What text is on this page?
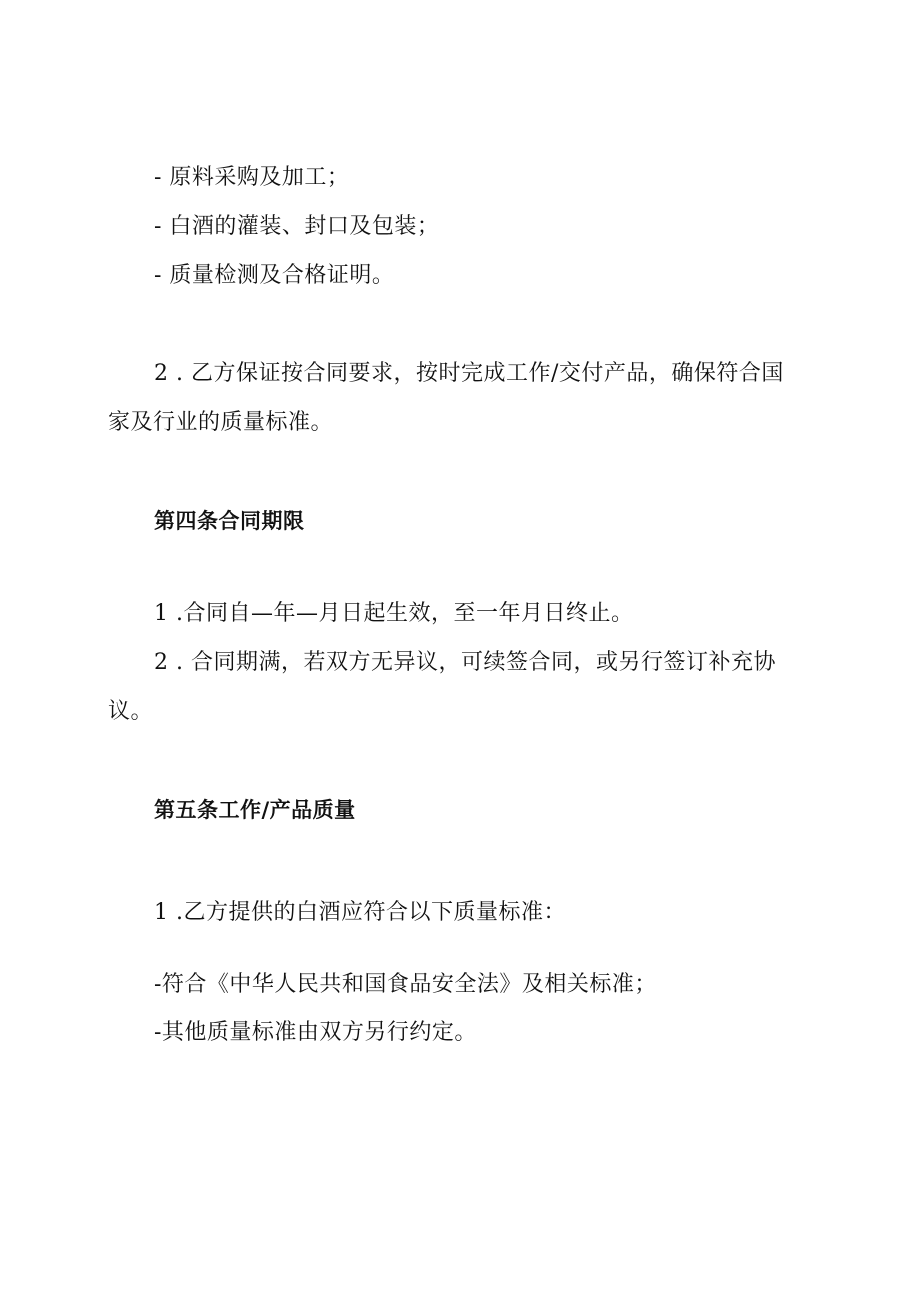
- 原料采购及加工；
- 白酒的灌装、封口及包装；
- 质量检测及合格证明。
2 . 乙方保证按合同要求，按时完成工作/交付产品，确保符合国
家及行业的质量标准。
第四条合同期限
1 .合同自—年—月日起生效，至一年月日终止。
2 . 合同期满，若双方无异议，可续签合同，或另行签订补充协
议。
第五条工作/产品质量
1 .乙方提供的白酒应符合以下质量标准：
-符合《中华人民共和国食品安全法》及相关标准；
-其他质量标准由双方另行约定。
